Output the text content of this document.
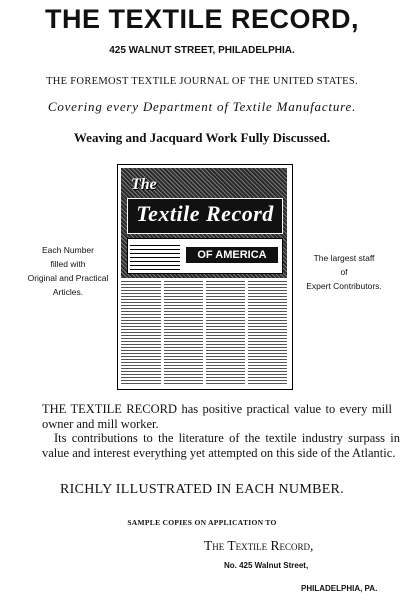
THE TEXTILE RECORD,
425 WALNUT STREET, PHILADELPHIA.
THE FOREMOST TEXTILE JOURNAL OF THE UNITED STATES.
Covering every Department of Textile Manufacture.
Weaving and Jacquard Work Fully Discussed.
Each Number
filled with
Original and Practical
Articles.
The largest staff
of
Expert Contributors.
The
Textile Record
OF AMERICA
THE TEXTILE RECORD has positive practical value to every mill owner and mill worker.
Its contributions to the literature of the textile industry surpass in value and interest everything yet attempted on this side of the Atlantic.
RICHLY ILLUSTRATED IN EACH NUMBER.
SAMPLE COPIES ON APPLICATION TO
The Textile Record,
No. 425 Walnut Street,
PHILADELPHIA, PA.
